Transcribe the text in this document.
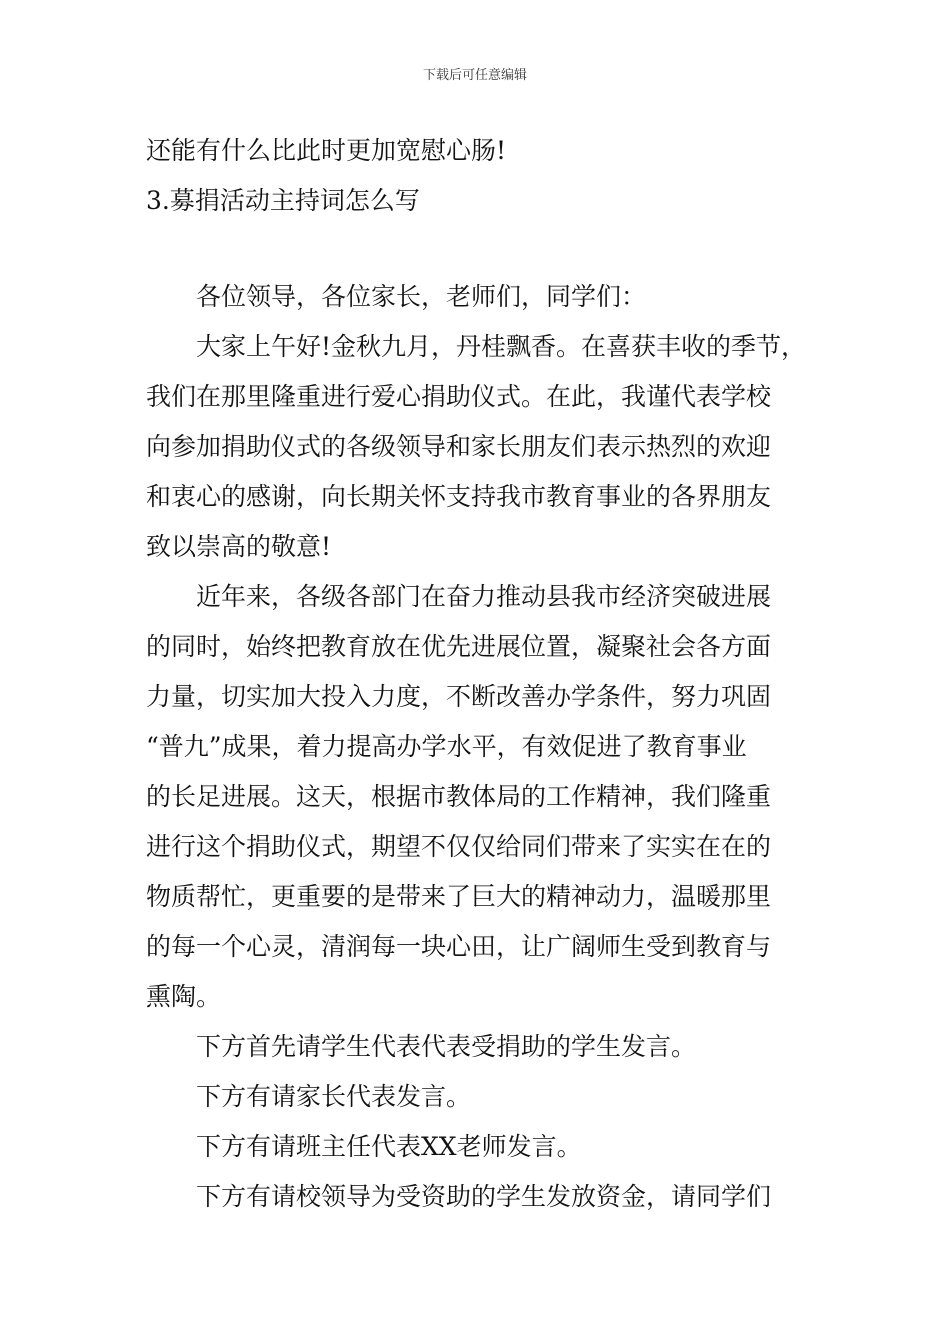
下载后可任意编辑
还能有什么比此时更加宽慰心肠!
3.募捐活动主持词怎么写
各位领导，各位家长，老师们，同学们：
大家上午好!金秋九月，丹桂飘香。在喜获丰收的季节，
我们在那里隆重进行爱心捐助仪式。在此，我谨代表学校
向参加捐助仪式的各级领导和家长朋友们表示热烈的欢迎
和衷心的感谢，向长期关怀支持我市教育事业的各界朋友
致以崇高的敬意!
近年来，各级各部门在奋力推动县我市经济突破进展
的同时，始终把教育放在优先进展位置，凝聚社会各方面
力量，切实加大投入力度，不断改善办学条件，努力巩固
“普九”成果，着力提高办学水平，有效促进了教育事业
的长足进展。这天，根据市教体局的工作精神，我们隆重
进行这个捐助仪式，期望不仅仅给同们带来了实实在在的
物质帮忙，更重要的是带来了巨大的精神动力，温暖那里
的每一个心灵，清润每一块心田，让广阔师生受到教育与
熏陶。
下方首先请学生代表代表受捐助的学生发言。
下方有请家长代表发言。
下方有请班主任代表XX老师发言。
下方有请校领导为受资助的学生发放资金，请同学们
